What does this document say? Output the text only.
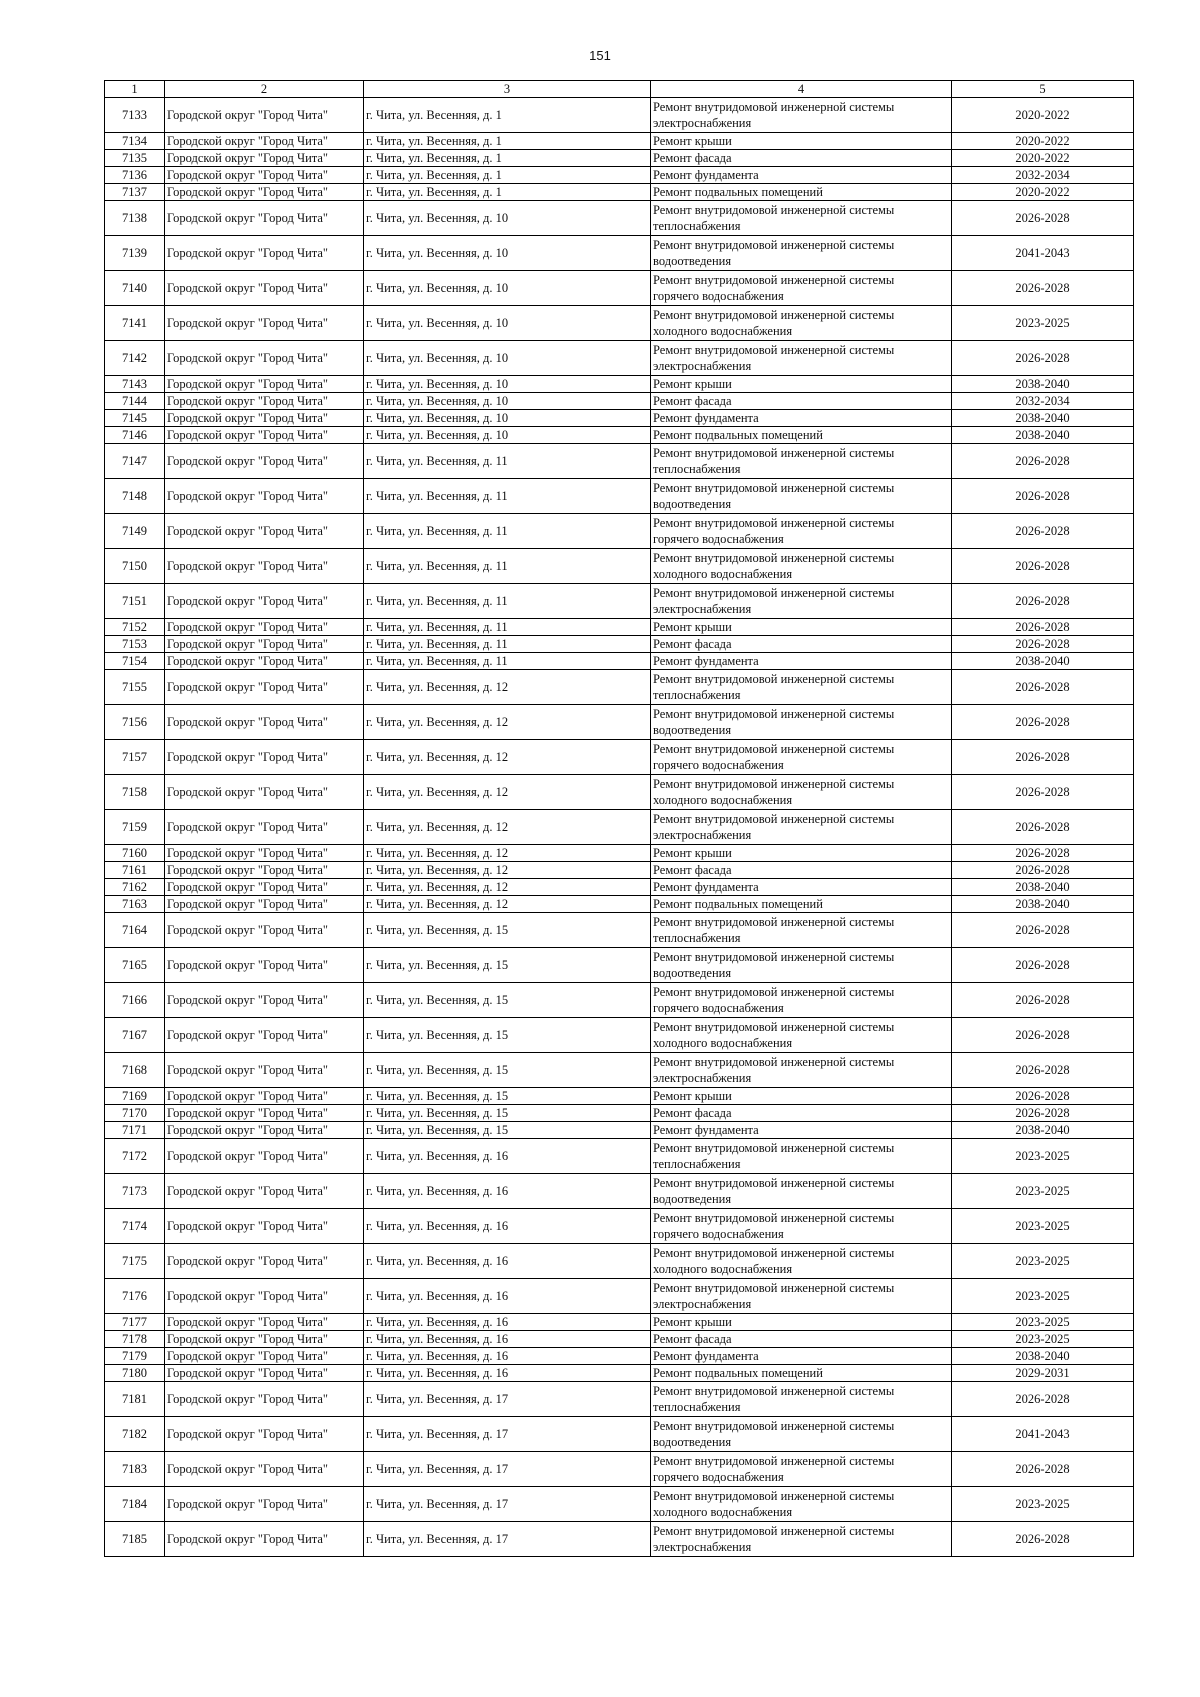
151
1	2	3	4	5
7133	Городской округ "Город Чита"	г. Чита, ул. Весенняя, д. 1	Ремонт внутридомовой инженерной системы
электроснабжения	2020-2022
7134	Городской округ "Город Чита"	г. Чита, ул. Весенняя, д. 1	Ремонт крыши	2020-2022
7135	Городской округ "Город Чита"	г. Чита, ул. Весенняя, д. 1	Ремонт фасада	2020-2022
7136	Городской округ "Город Чита"	г. Чита, ул. Весенняя, д. 1	Ремонт фундамента	2032-2034
7137	Городской округ "Город Чита"	г. Чита, ул. Весенняя, д. 1	Ремонт подвальных помещений	2020-2022
7138	Городской округ "Город Чита"	г. Чита, ул. Весенняя, д. 10	Ремонт внутридомовой инженерной системы
теплоснабжения	2026-2028
7139	Городской округ "Город Чита"	г. Чита, ул. Весенняя, д. 10	Ремонт внутридомовой инженерной системы
водоотведения	2041-2043
7140	Городской округ "Город Чита"	г. Чита, ул. Весенняя, д. 10	Ремонт внутридомовой инженерной системы
горячего водоснабжения	2026-2028
7141	Городской округ "Город Чита"	г. Чита, ул. Весенняя, д. 10	Ремонт внутридомовой инженерной системы
холодного водоснабжения	2023-2025
7142	Городской округ "Город Чита"	г. Чита, ул. Весенняя, д. 10	Ремонт внутридомовой инженерной системы
электроснабжения	2026-2028
7143	Городской округ "Город Чита"	г. Чита, ул. Весенняя, д. 10	Ремонт крыши	2038-2040
7144	Городской округ "Город Чита"	г. Чита, ул. Весенняя, д. 10	Ремонт фасада	2032-2034
7145	Городской округ "Город Чита"	г. Чита, ул. Весенняя, д. 10	Ремонт фундамента	2038-2040
7146	Городской округ "Город Чита"	г. Чита, ул. Весенняя, д. 10	Ремонт подвальных помещений	2038-2040
7147	Городской округ "Город Чита"	г. Чита, ул. Весенняя, д. 11	Ремонт внутридомовой инженерной системы
теплоснабжения	2026-2028
7148	Городской округ "Город Чита"	г. Чита, ул. Весенняя, д. 11	Ремонт внутридомовой инженерной системы
водоотведения	2026-2028
7149	Городской округ "Город Чита"	г. Чита, ул. Весенняя, д. 11	Ремонт внутридомовой инженерной системы
горячего водоснабжения	2026-2028
7150	Городской округ "Город Чита"	г. Чита, ул. Весенняя, д. 11	Ремонт внутридомовой инженерной системы
холодного водоснабжения	2026-2028
7151	Городской округ "Город Чита"	г. Чита, ул. Весенняя, д. 11	Ремонт внутридомовой инженерной системы
электроснабжения	2026-2028
7152	Городской округ "Город Чита"	г. Чита, ул. Весенняя, д. 11	Ремонт крыши	2026-2028
7153	Городской округ "Город Чита"	г. Чита, ул. Весенняя, д. 11	Ремонт фасада	2026-2028
7154	Городской округ "Город Чита"	г. Чита, ул. Весенняя, д. 11	Ремонт фундамента	2038-2040
7155	Городской округ "Город Чита"	г. Чита, ул. Весенняя, д. 12	Ремонт внутридомовой инженерной системы
теплоснабжения	2026-2028
7156	Городской округ "Город Чита"	г. Чита, ул. Весенняя, д. 12	Ремонт внутридомовой инженерной системы
водоотведения	2026-2028
7157	Городской округ "Город Чита"	г. Чита, ул. Весенняя, д. 12	Ремонт внутридомовой инженерной системы
горячего водоснабжения	2026-2028
7158	Городской округ "Город Чита"	г. Чита, ул. Весенняя, д. 12	Ремонт внутридомовой инженерной системы
холодного водоснабжения	2026-2028
7159	Городской округ "Город Чита"	г. Чита, ул. Весенняя, д. 12	Ремонт внутридомовой инженерной системы
электроснабжения	2026-2028
7160	Городской округ "Город Чита"	г. Чита, ул. Весенняя, д. 12	Ремонт крыши	2026-2028
7161	Городской округ "Город Чита"	г. Чита, ул. Весенняя, д. 12	Ремонт фасада	2026-2028
7162	Городской округ "Город Чита"	г. Чита, ул. Весенняя, д. 12	Ремонт фундамента	2038-2040
7163	Городской округ "Город Чита"	г. Чита, ул. Весенняя, д. 12	Ремонт подвальных помещений	2038-2040
7164	Городской округ "Город Чита"	г. Чита, ул. Весенняя, д. 15	Ремонт внутридомовой инженерной системы
теплоснабжения	2026-2028
7165	Городской округ "Город Чита"	г. Чита, ул. Весенняя, д. 15	Ремонт внутридомовой инженерной системы
водоотведения	2026-2028
7166	Городской округ "Город Чита"	г. Чита, ул. Весенняя, д. 15	Ремонт внутридомовой инженерной системы
горячего водоснабжения	2026-2028
7167	Городской округ "Город Чита"	г. Чита, ул. Весенняя, д. 15	Ремонт внутридомовой инженерной системы
холодного водоснабжения	2026-2028
7168	Городской округ "Город Чита"	г. Чита, ул. Весенняя, д. 15	Ремонт внутридомовой инженерной системы
электроснабжения	2026-2028
7169	Городской округ "Город Чита"	г. Чита, ул. Весенняя, д. 15	Ремонт крыши	2026-2028
7170	Городской округ "Город Чита"	г. Чита, ул. Весенняя, д. 15	Ремонт фасада	2026-2028
7171	Городской округ "Город Чита"	г. Чита, ул. Весенняя, д. 15	Ремонт фундамента	2038-2040
7172	Городской округ "Город Чита"	г. Чита, ул. Весенняя, д. 16	Ремонт внутридомовой инженерной системы
теплоснабжения	2023-2025
7173	Городской округ "Город Чита"	г. Чита, ул. Весенняя, д. 16	Ремонт внутридомовой инженерной системы
водоотведения	2023-2025
7174	Городской округ "Город Чита"	г. Чита, ул. Весенняя, д. 16	Ремонт внутридомовой инженерной системы
горячего водоснабжения	2023-2025
7175	Городской округ "Город Чита"	г. Чита, ул. Весенняя, д. 16	Ремонт внутридомовой инженерной системы
холодного водоснабжения	2023-2025
7176	Городской округ "Город Чита"	г. Чита, ул. Весенняя, д. 16	Ремонт внутридомовой инженерной системы
электроснабжения	2023-2025
7177	Городской округ "Город Чита"	г. Чита, ул. Весенняя, д. 16	Ремонт крыши	2023-2025
7178	Городской округ "Город Чита"	г. Чита, ул. Весенняя, д. 16	Ремонт фасада	2023-2025
7179	Городской округ "Город Чита"	г. Чита, ул. Весенняя, д. 16	Ремонт фундамента	2038-2040
7180	Городской округ "Город Чита"	г. Чита, ул. Весенняя, д. 16	Ремонт подвальных помещений	2029-2031
7181	Городской округ "Город Чита"	г. Чита, ул. Весенняя, д. 17	Ремонт внутридомовой инженерной системы
теплоснабжения	2026-2028
7182	Городской округ "Город Чита"	г. Чита, ул. Весенняя, д. 17	Ремонт внутридомовой инженерной системы
водоотведения	2041-2043
7183	Городской округ "Город Чита"	г. Чита, ул. Весенняя, д. 17	Ремонт внутридомовой инженерной системы
горячего водоснабжения	2026-2028
7184	Городской округ "Город Чита"	г. Чита, ул. Весенняя, д. 17	Ремонт внутридомовой инженерной системы
холодного водоснабжения	2023-2025
7185	Городской округ "Город Чита"	г. Чита, ул. Весенняя, д. 17	Ремонт внутридомовой инженерной системы
электроснабжения	2026-2028
